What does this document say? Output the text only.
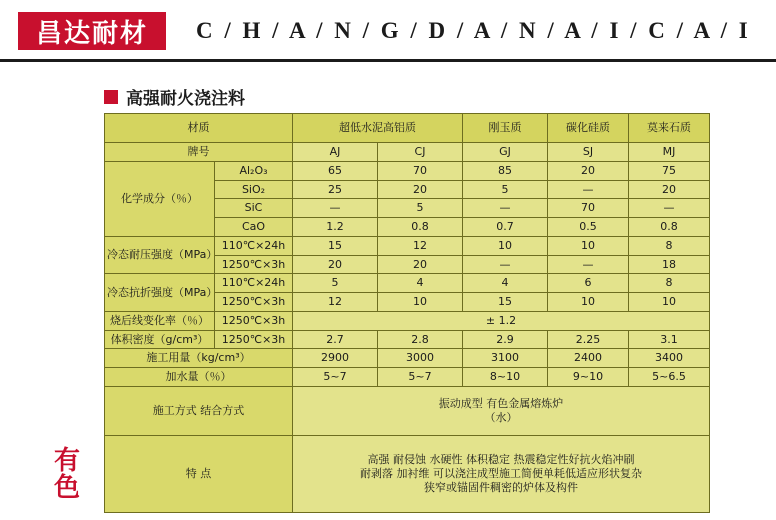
昌达耐材 C / H / A / N / G / D / A / N / A / I / C / A / I
高强耐火浇注料
材质		超低水泥高铝质		刚玉质	碳化硅质	莫来石质
牌号		AJ	CJ	GJ	SJ	MJ
化学成分（％）	Al₂O₃	65	70	85	20	75
	SiO₂	25	20	5	—	20
	SiC	—	5	—	70	—
	CaO	1.2	0.8	0.7	0.5	0.8
冷态耐压强度（MPa）	110℃×24h	15	12	10	10	8
	1250℃×3h	20	20	—	—	18
冷态抗折强度（MPa）	110℃×24h	5	4	4	6	8
	1250℃×3h	12	10	15	10	10
烧后线变化率（％）	1250℃×3h	± 1.2				
体积密度（g/cm³）	1250℃×3h	2.7	2.8	2.9	2.25	3.1
施工用量（kg/cm³）		2900	3000	3100	2400	3400
加水量（％）		5~7	5~7	8~10	9~10	5~6.5
施工方式 结合方式		振动成型 有色金属熔炼炉
（水）				

特 点		高强 耐侵蚀 水硬性 体积稳定 热震稳定性好抗火焰冲刷
耐剥落 加衬维 可以浇注成型施工简便单耗低适应形状复杂
狭窄或锚固件稠密的炉体及构件				
有
色
